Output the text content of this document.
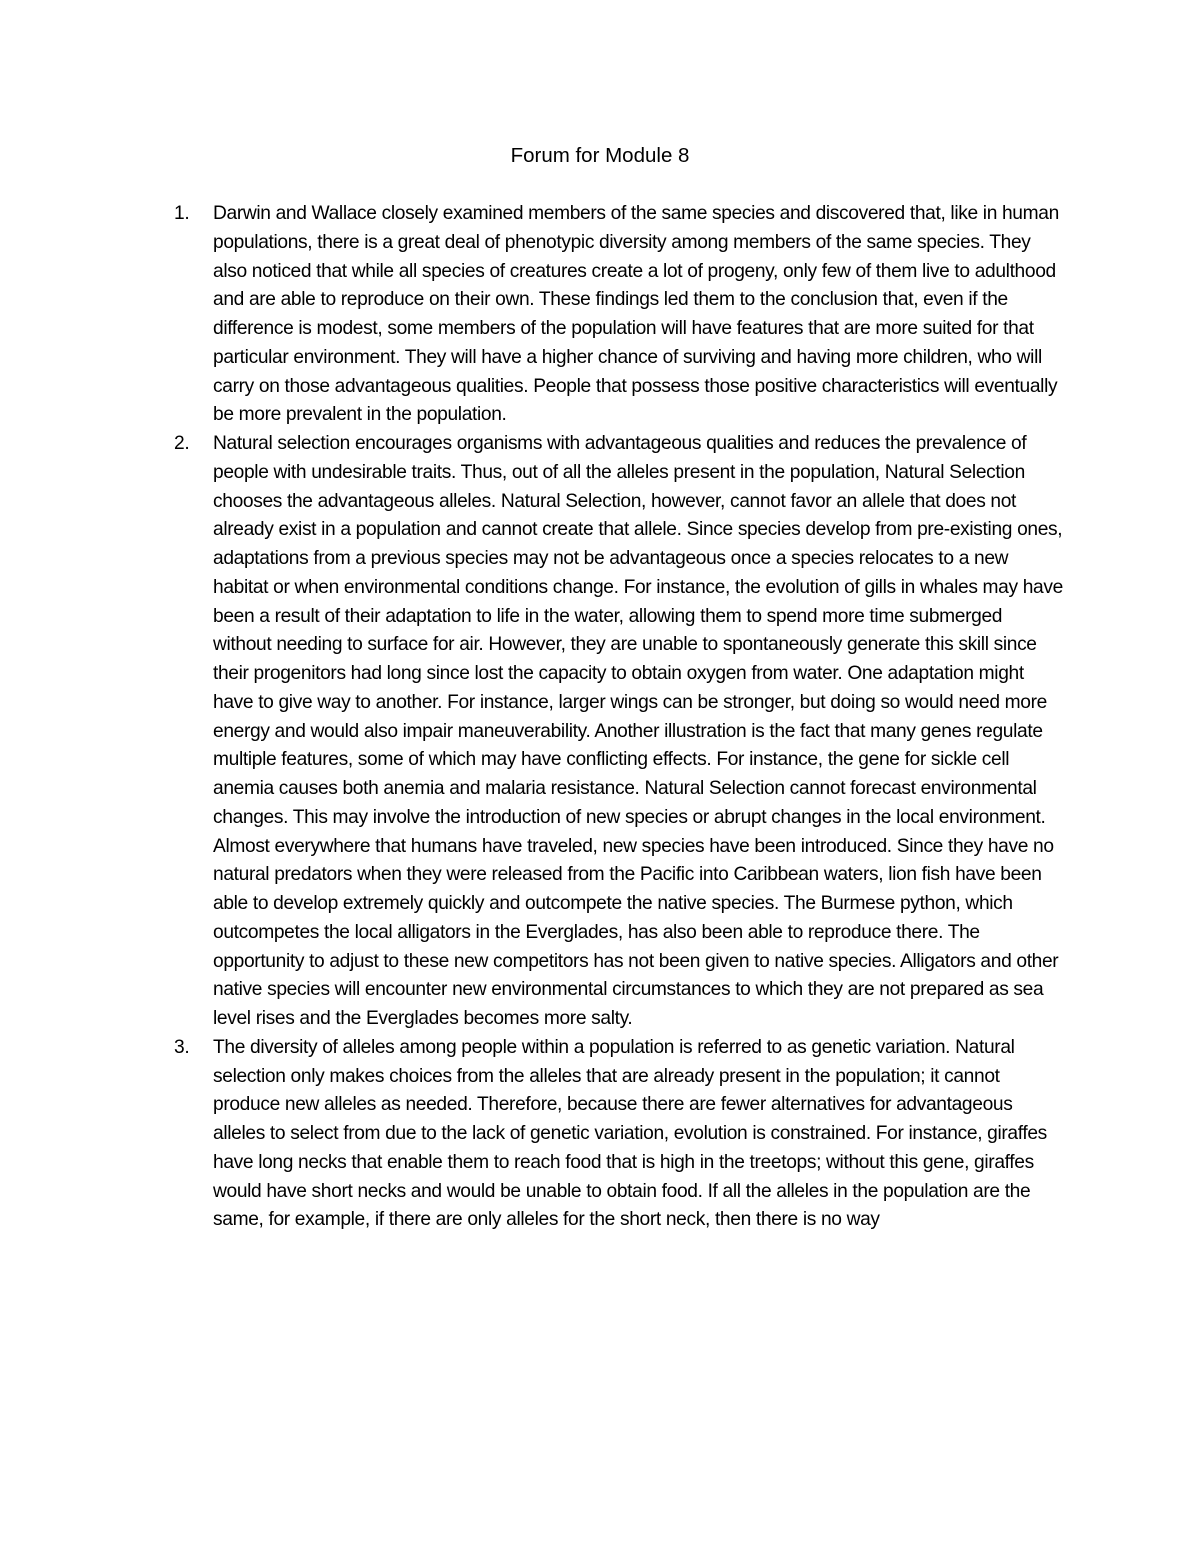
Forum for Module 8
1. Darwin and Wallace closely examined members of the same species and discovered that, like in human populations, there is a great deal of phenotypic diversity among members of the same species. They also noticed that while all species of creatures create a lot of progeny, only few of them live to adulthood and are able to reproduce on their own. These findings led them to the conclusion that, even if the difference is modest, some members of the population will have features that are more suited for that particular environment. They will have a higher chance of surviving and having more children, who will carry on those advantageous qualities. People that possess those positive characteristics will eventually be more prevalent in the population.
2. Natural selection encourages organisms with advantageous qualities and reduces the prevalence of people with undesirable traits. Thus, out of all the alleles present in the population, Natural Selection chooses the advantageous alleles. Natural Selection, however, cannot favor an allele that does not already exist in a population and cannot create that allele. Since species develop from pre-existing ones, adaptations from a previous species may not be advantageous once a species relocates to a new habitat or when environmental conditions change. For instance, the evolution of gills in whales may have been a result of their adaptation to life in the water, allowing them to spend more time submerged without needing to surface for air. However, they are unable to spontaneously generate this skill since their progenitors had long since lost the capacity to obtain oxygen from water. One adaptation might have to give way to another. For instance, larger wings can be stronger, but doing so would need more energy and would also impair maneuverability. Another illustration is the fact that many genes regulate multiple features, some of which may have conflicting effects. For instance, the gene for sickle cell anemia causes both anemia and malaria resistance. Natural Selection cannot forecast environmental changes. This may involve the introduction of new species or abrupt changes in the local environment. Almost everywhere that humans have traveled, new species have been introduced. Since they have no natural predators when they were released from the Pacific into Caribbean waters, lion fish have been able to develop extremely quickly and outcompete the native species. The Burmese python, which outcompetes the local alligators in the Everglades, has also been able to reproduce there. The opportunity to adjust to these new competitors has not been given to native species. Alligators and other native species will encounter new environmental circumstances to which they are not prepared as sea level rises and the Everglades becomes more salty.
3. The diversity of alleles among people within a population is referred to as genetic variation. Natural selection only makes choices from the alleles that are already present in the population; it cannot produce new alleles as needed. Therefore, because there are fewer alternatives for advantageous alleles to select from due to the lack of genetic variation, evolution is constrained. For instance, giraffes have long necks that enable them to reach food that is high in the treetops; without this gene, giraffes would have short necks and would be unable to obtain food. If all the alleles in the population are the same, for example, if there are only alleles for the short neck, then there is no way
